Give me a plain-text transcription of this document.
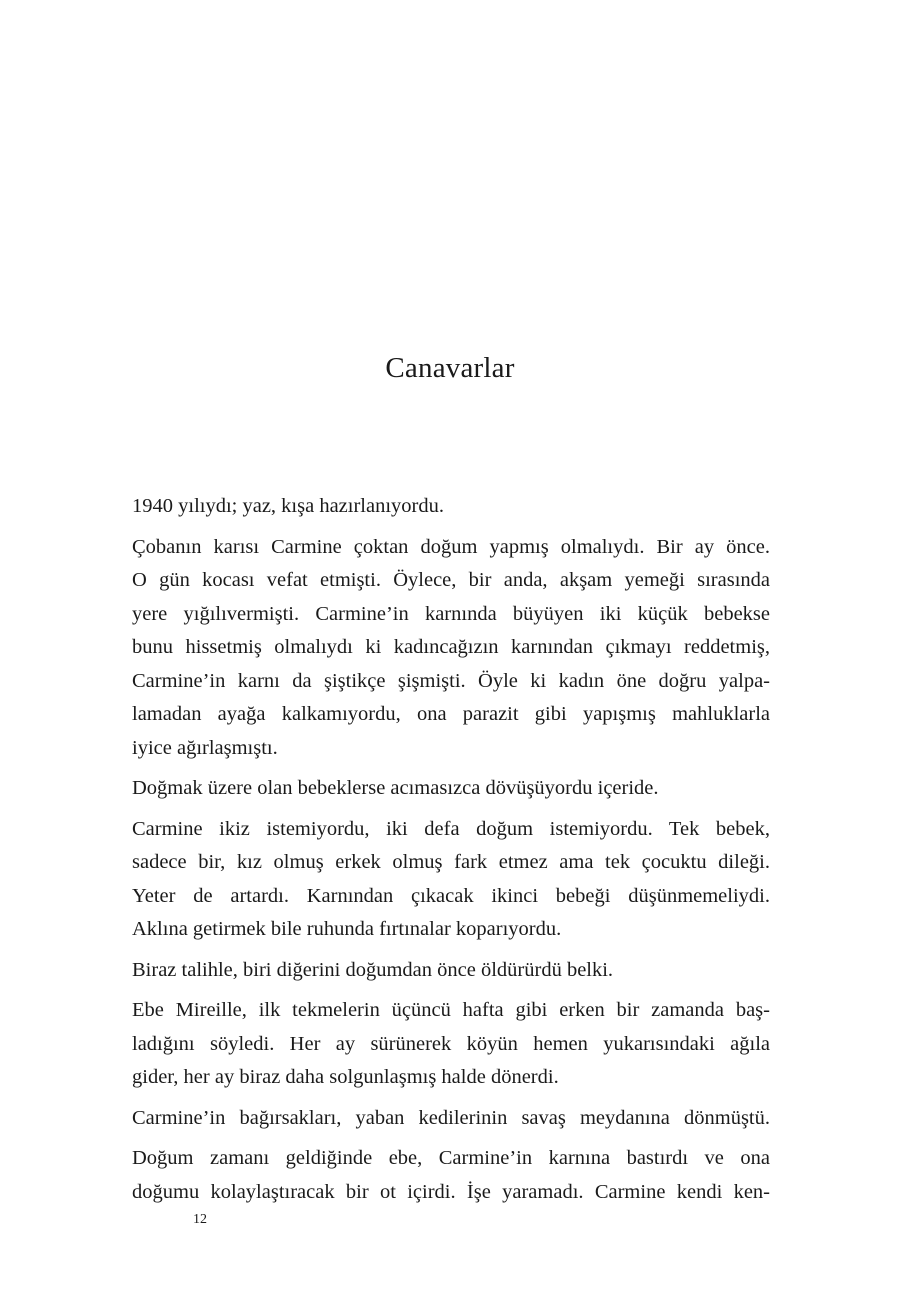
Canavarlar

1940 yılıydı; yaz, kışa hazırlanıyordu.

Çobanın karısı Carmine çoktan doğum yapmış olmalıydı. Bir ay önce.
O gün kocası vefat etmişti. Öylece, bir anda, akşam yemeği sırasında
yere yığılıvermişti. Carmine’in karnında büyüyen iki küçük bebekse
bunu hissetmiş olmalıydı ki kadıncağızın karnından çıkmayı reddetmiş,
Carmine’in karnı da şiştikçe şişmişti. Öyle ki kadın öne doğru yalpa-
lamadan ayağa kalkamıyordu, ona parazit gibi yapışmış mahluklarla
iyice ağırlaşmıştı.

Doğmak üzere olan bebeklerse acımasızca dövüşüyordu içeride.

Carmine ikiz istemiyordu, iki defa doğum istemiyordu. Tek bebek,
sadece bir, kız olmuş erkek olmuş fark etmez ama tek çocuktu dileği.
Yeter de artardı. Karnından çıkacak ikinci bebeği düşünmemeliydi.
Aklına getirmek bile ruhunda fırtınalar koparıyordu.

Biraz talihle, biri diğerini doğumdan önce öldürürdü belki.

Ebe Mireille, ilk tekmelerin üçüncü hafta gibi erken bir zamanda baş-
ladığını söyledi. Her ay sürünerek köyün hemen yukarısındaki ağıla
gider, her ay biraz daha solgunlaşmış halde dönerdi.

Carmine’in bağırsakları, yaban kedilerinin savaş meydanına dönmüştü.

Doğum zamanı geldiğinde ebe, Carmine’in karnına bastırdı ve ona
doğumu kolaylaştıracak bir ot içirdi. İşe yaramadı. Carmine kendi ken-

12
